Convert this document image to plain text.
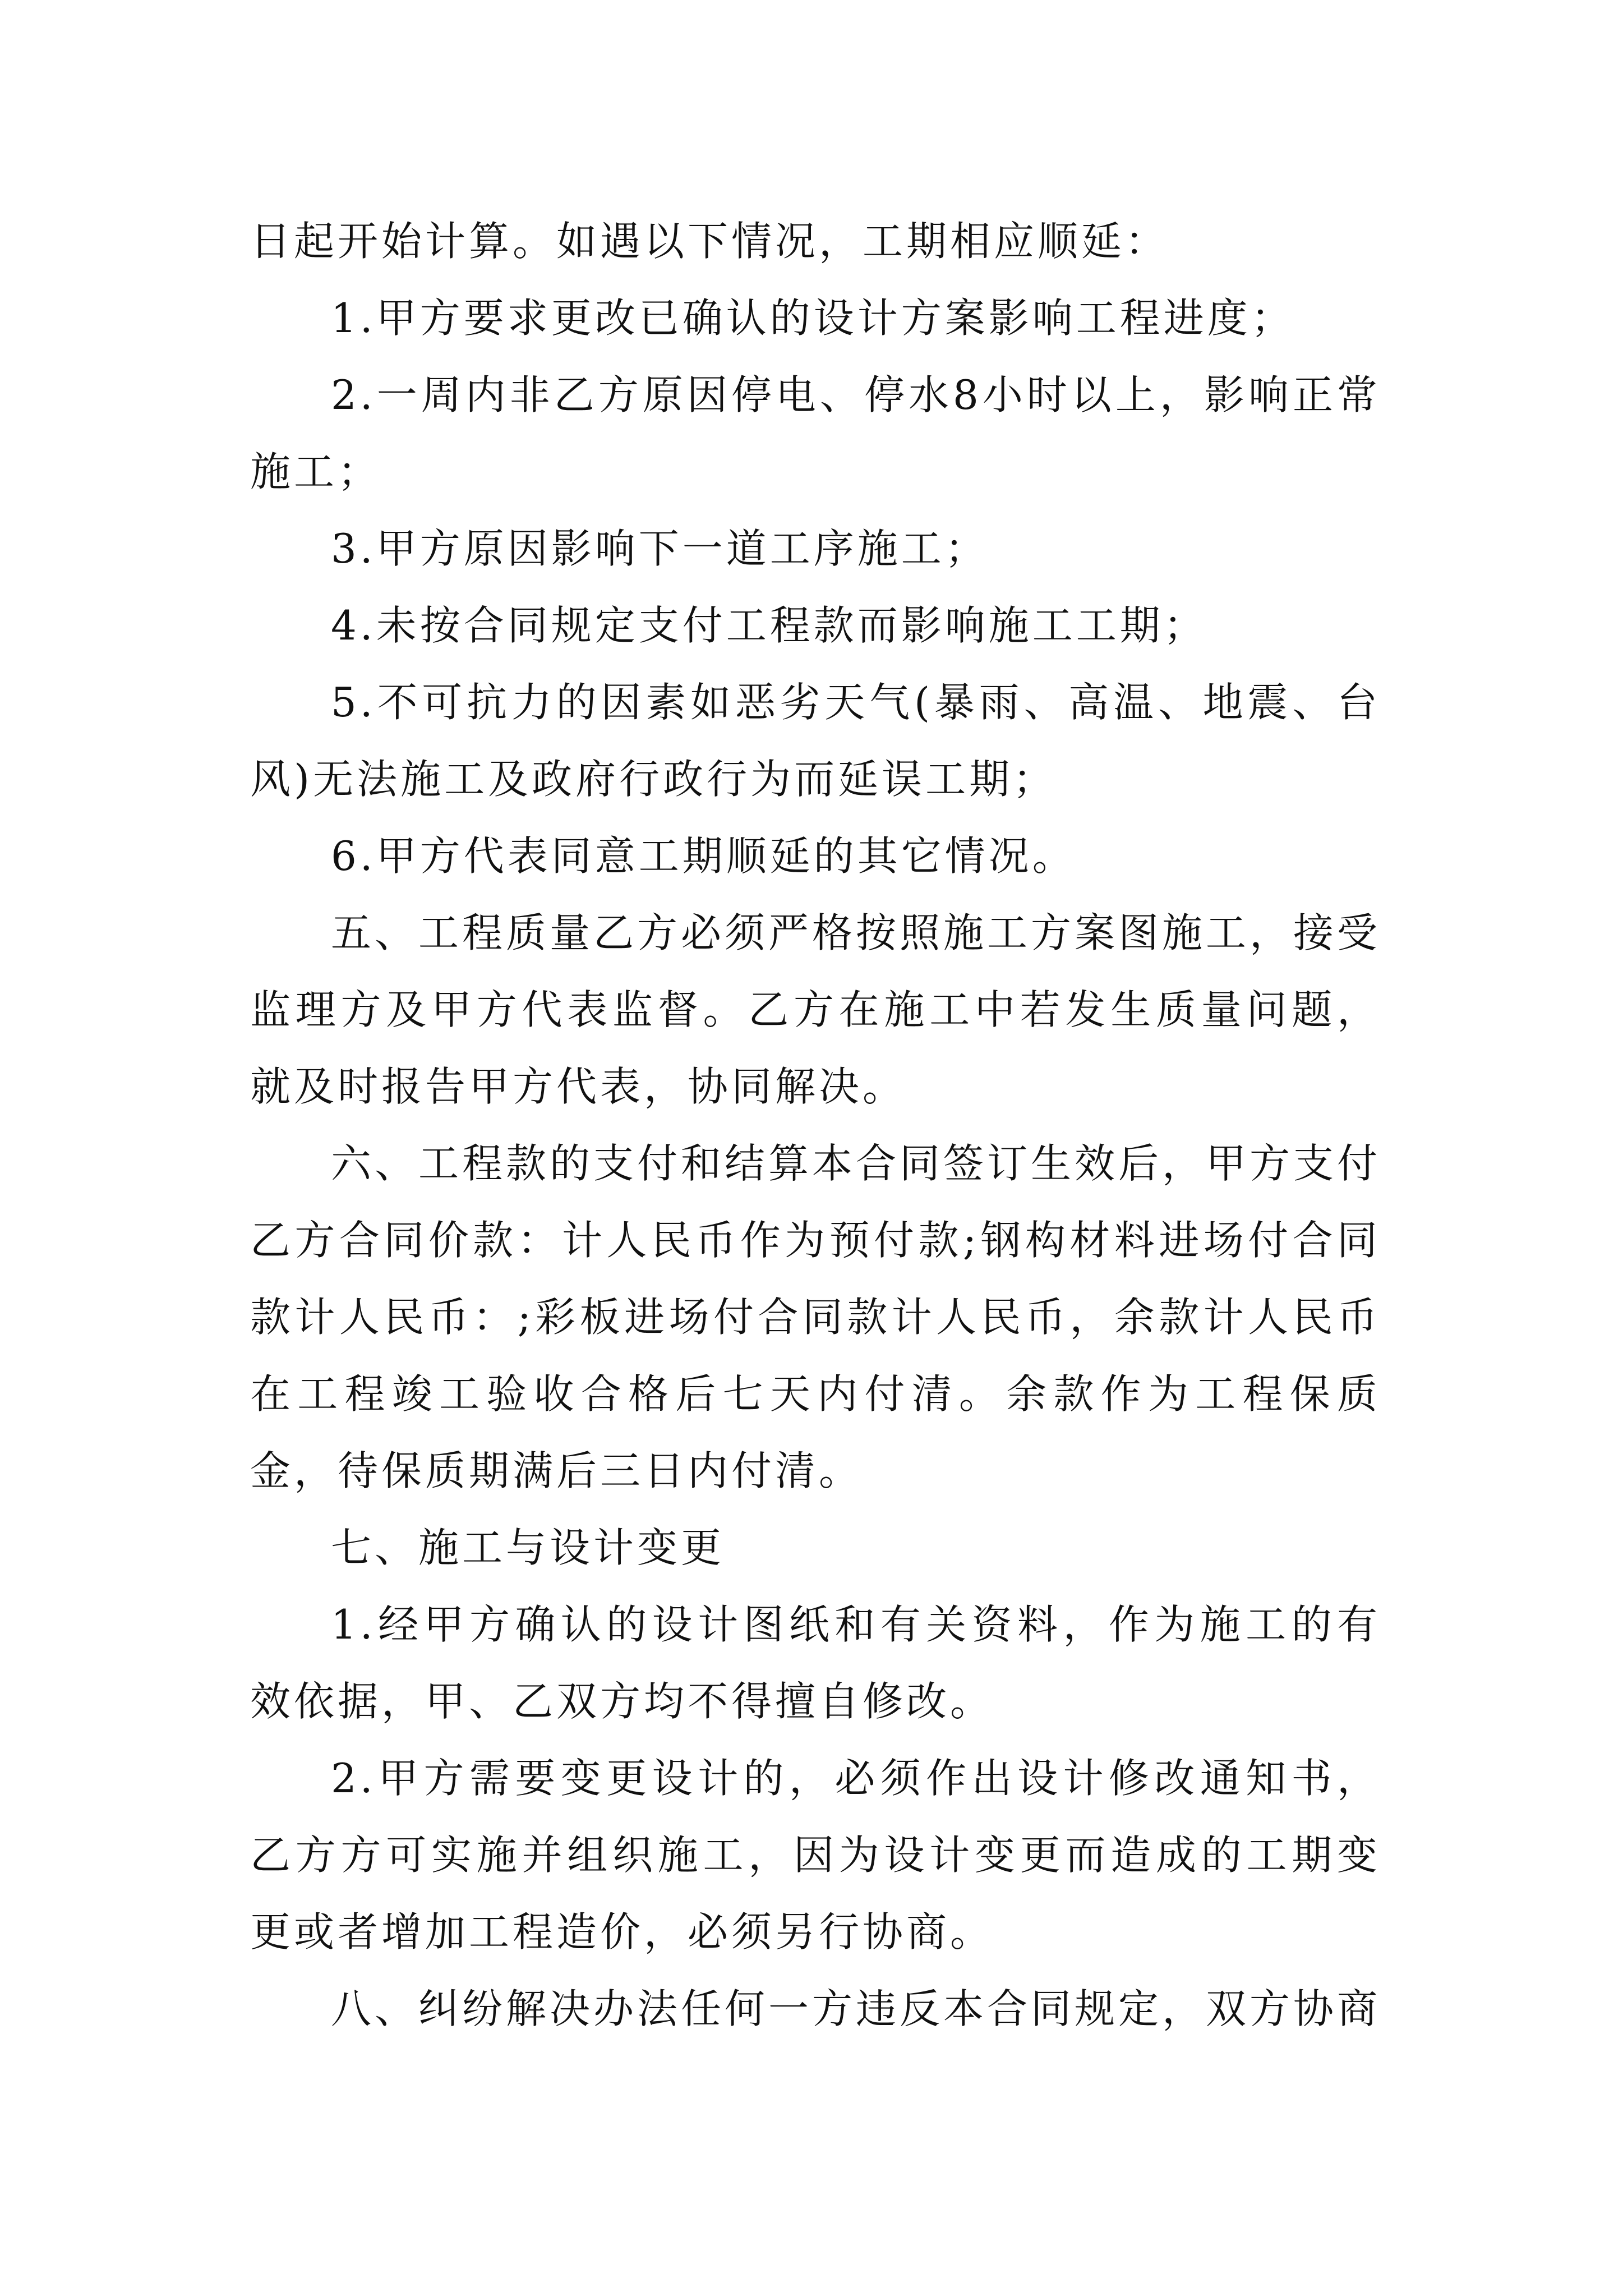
日起开始计算。如遇以下情况，工期相应顺延：

1.甲方要求更改已确认的设计方案影响工程进度；

2.一周内非乙方原因停电、停水8小时以上，影响正常施工；

3.甲方原因影响下一道工序施工；

4.未按合同规定支付工程款而影响施工工期；

5.不可抗力的因素如恶劣天气(暴雨、高温、地震、台风)无法施工及政府行政行为而延误工期；

6.甲方代表同意工期顺延的其它情况。

五、工程质量乙方必须严格按照施工方案图施工，接受监理方及甲方代表监督。乙方在施工中若发生质量问题，就及时报告甲方代表，协同解决。

六、工程款的支付和结算本合同签订生效后，甲方支付乙方合同价款：计人民币作为预付款;钢构材料进场付合同款计人民币：;彩板进场付合同款计人民币，余款计人民币在工程竣工验收合格后七天内付清。余款作为工程保质金，待保质期满后三日内付清。

七、施工与设计变更

1.经甲方确认的设计图纸和有关资料，作为施工的有效依据，甲、乙双方均不得擅自修改。

2.甲方需要变更设计的，必须作出设计修改通知书，乙方方可实施并组织施工，因为设计变更而造成的工期变更或者增加工程造价，必须另行协商。

八、纠纷解决办法任何一方违反本合同规定，双方协商
